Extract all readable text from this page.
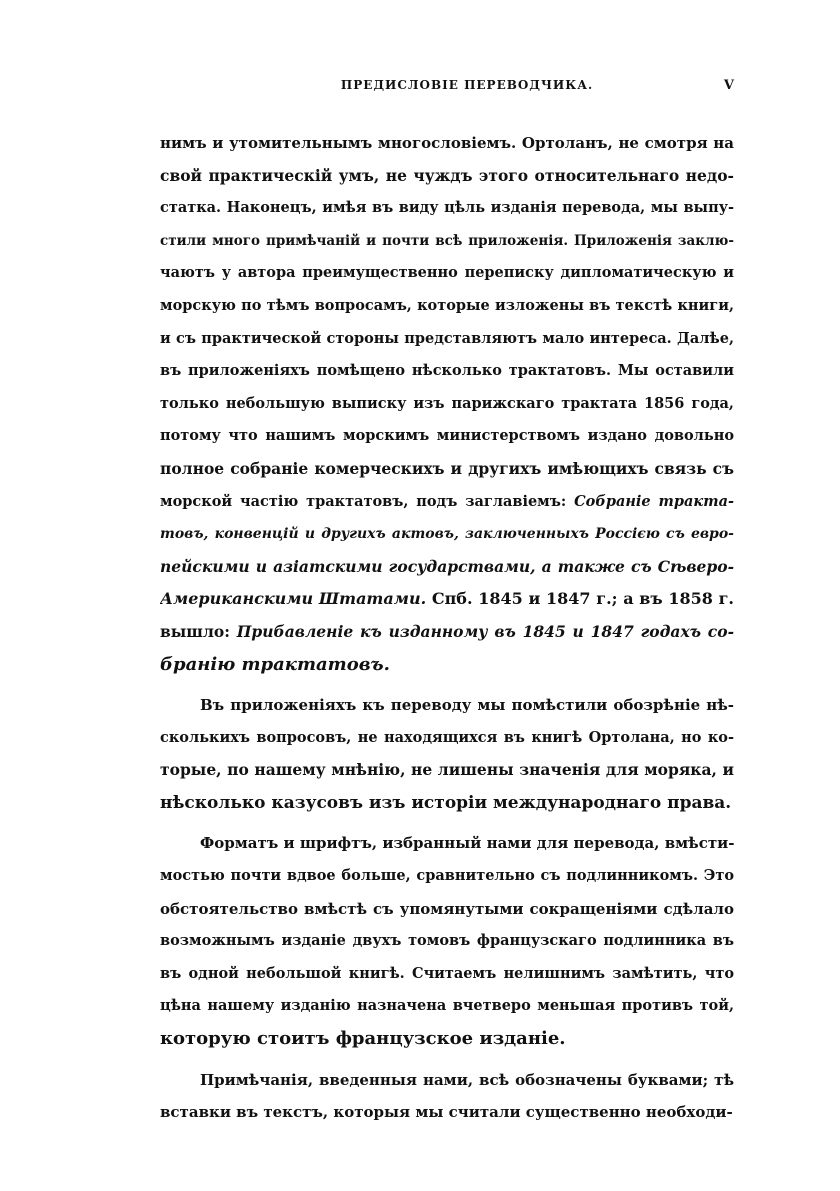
ПРЕДИСЛОВІЕ ПЕРЕВОДЧИКА.	V
нимъ и утомительнымъ многословіемъ. Ортоланъ, не смотря на
свой практическій умъ, не чуждъ этого относительнаго недо-
статка. Наконецъ, имѣя въ виду цѣль изданія перевода, мы выпу-
стили много примѣчаній и почти всѣ приложенія. Приложенія заклю-
чаютъ у автора преимущественно переписку дипломатическую и
морскую по тѣмъ вопросамъ, которые изложены въ текстѣ книги,
и съ практической стороны представляютъ мало интереса. Далѣе,
въ приложеніяхъ помѣщено нѣсколько трактатовъ. Мы оставили
только небольшую выписку изъ парижскаго трактата 1856 года,
потому что нашимъ морскимъ министерствомъ издано довольно
полное собраніе комерческихъ и другихъ имѣющихъ связь съ
морской частію трактатовъ, подъ заглавіемъ: Собраніе тракта-
товъ, конвенцій и другихъ актовъ, заключенныхъ Россією съ евро-
пейскими и азіатскими государствами, а также съ Сѣверо-
Американскими Штатами. Спб. 1845 и 1847 г.; а въ 1858 г.
вышло: Прибавленіе къ изданному въ 1845 и 1847 годахъ со-
бранію трактатовъ.
Въ приложеніяхъ къ переводу мы помѣстили обозрѣніе нѣ-
сколькихъ вопросовъ, не находящихся въ книгѣ Ортолана, но ко-
торые, по нашему мнѣнію, не лишены значенія для моряка, и
нѣсколько казусовъ изъ исторіи международнаго права.
Форматъ и шрифтъ, избранный нами для перевода, вмѣсти-
мостью почти вдвое больше, сравнительно съ подлинникомъ. Это
обстоятельство вмѣстѣ съ упомянутыми сокращеніями сдѣлало
возможнымъ изданіе двухъ томовъ французскаго подлинника въ
въ одной небольшой книгѣ. Считаемъ нелишнимъ замѣтить, что
цѣна нашему изданію назначена вчетверо меньшая противъ той,
которую стоитъ французское изданіе.
Примѣчанія, введенныя нами, всѣ обозначены буквами; тѣ
вставки въ текстъ, которыя мы считали существенно необходи-
